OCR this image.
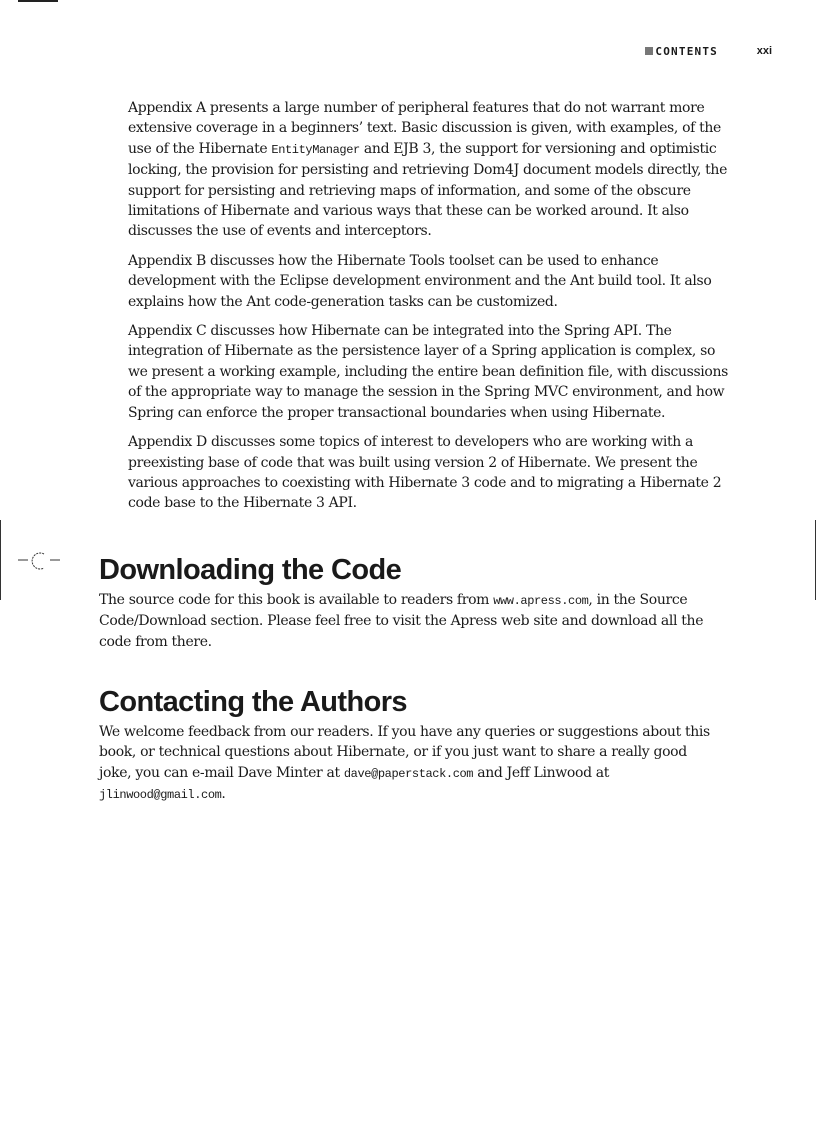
CONTENTS	xxi

Appendix A presents a large number of peripheral features that do not warrant more extensive coverage in a beginners’ text. Basic discussion is given, with examples, of the use of the Hibernate EntityManager and EJB 3, the support for versioning and optimistic locking, the provision for persisting and retrieving Dom4J document models directly, the support for persisting and retrieving maps of information, and some of the obscure limitations of Hibernate and various ways that these can be worked around. It also discusses the use of events and interceptors.

Appendix B discusses how the Hibernate Tools toolset can be used to enhance development with the Eclipse development environment and the Ant build tool. It also explains how the Ant code-generation tasks can be customized.

Appendix C discusses how Hibernate can be integrated into the Spring API. The integration of Hibernate as the persistence layer of a Spring application is complex, so we present a working example, including the entire bean definition file, with discussions of the appropriate way to manage the session in the Spring MVC environment, and how Spring can enforce the proper transactional boundaries when using Hibernate.

Appendix D discusses some topics of interest to developers who are working with a preexisting base of code that was built using version 2 of Hibernate. We present the various approaches to coexisting with Hibernate 3 code and to migrating a Hibernate 2 code base to the Hibernate 3 API.

Downloading the Code

The source code for this book is available to readers from www.apress.com, in the Source Code/Download section. Please feel free to visit the Apress web site and download all the code from there.

Contacting the Authors

We welcome feedback from our readers. If you have any queries or suggestions about this book, or technical questions about Hibernate, or if you just want to share a really good joke, you can e-mail Dave Minter at dave@paperstack.com and Jeff Linwood at jlinwood@gmail.com.
